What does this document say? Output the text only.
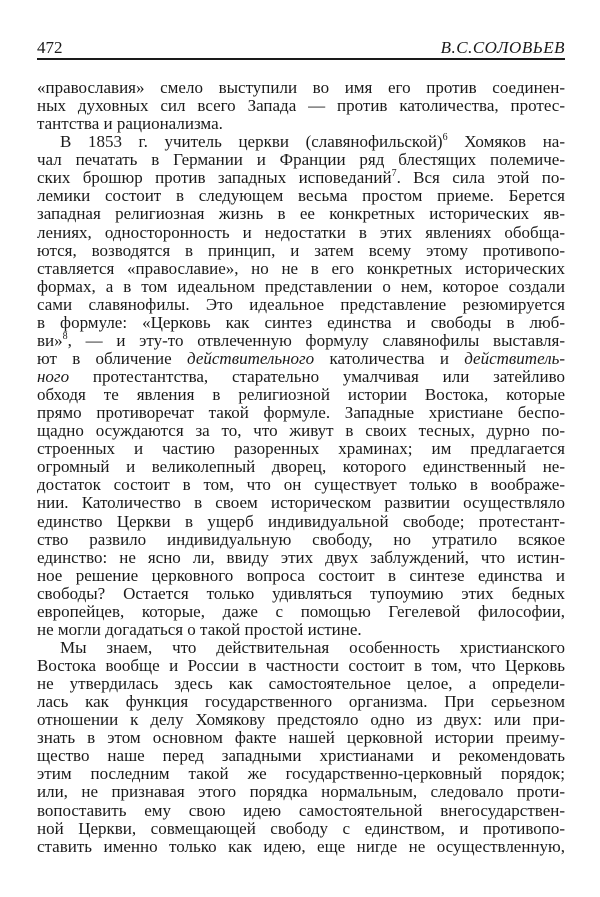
472	В.С.СОЛОВЬЕВ
«православия» смело выступили во имя его против соединен-
ных духовных сил всего Запада — против католичества, протес-
тантства и рационализма.
В 1853 г. учитель церкви (славянофильской)$^6$ Хомяков на-
чал печатать в Германии и Франции ряд блестящих полемиче-
ских брошюр против западных исповеданий$^7$. Вся сила этой по-
лемики состоит в следующем весьма простом приеме. Берется
западная религиозная жизнь в ее конкретных исторических яв-
лениях, односторонность и недостатки в этих явлениях обобща-
ются, возводятся в принцип, и затем всему этому противопо-
ставляется «православие», но не в его конкретных исторических
формах, а в том идеальном представлении о нем, которое создали
сами славянофилы. Это идеальное представление резюмируется
в формуле: «Церковь как синтез единства и свободы в люб-
ви»$^8$, — и эту-то отвлеченную формулу славянофилы выставля-
ют в обличение действительного католичества и действитель-
ного протестантства, старательно умалчивая или затейливо
обходя те явления в религиозной истории Востока, которые
прямо противоречат такой формуле. Западные христиане беспо-
щадно осуждаются за то, что живут в своих тесных, дурно по-
строенных и частию разоренных храминах; им предлагается
огромный и великолепный дворец, которого единственный не-
достаток состоит в том, что он существует только в воображе-
нии. Католичество в своем историческом развитии осуществляло
единство Церкви в ущерб индивидуальной свободе; протестант-
ство развило индивидуальную свободу, но утратило всякое
единство: не ясно ли, ввиду этих двух заблуждений, что истин-
ное решение церковного вопроса состоит в синтезе единства и
свободы? Остается только удивляться тупоумию этих бедных
европейцев, которые, даже с помощью Гегелевой философии,
не могли догадаться о такой простой истине.
Мы знаем, что действительная особенность христианского
Востока вообще и России в частности состоит в том, что Церковь
не утвердилась здесь как самостоятельное целое, а определи-
лась как функция государственного организма. При серьезном
отношении к делу Хомякову предстояло одно из двух: или при-
знать в этом основном факте нашей церковной истории преиму-
щество наше перед западными христианами и рекомендовать
этим последним такой же государственно-церковный порядок;
или, не признавая этого порядка нормальным, следовало проти-
вопоставить ему свою идею самостоятельной внегосударствен-
ной Церкви, совмещающей свободу с единством, и противопо-
ставить именно только как идею, еще нигде не осуществленную,
